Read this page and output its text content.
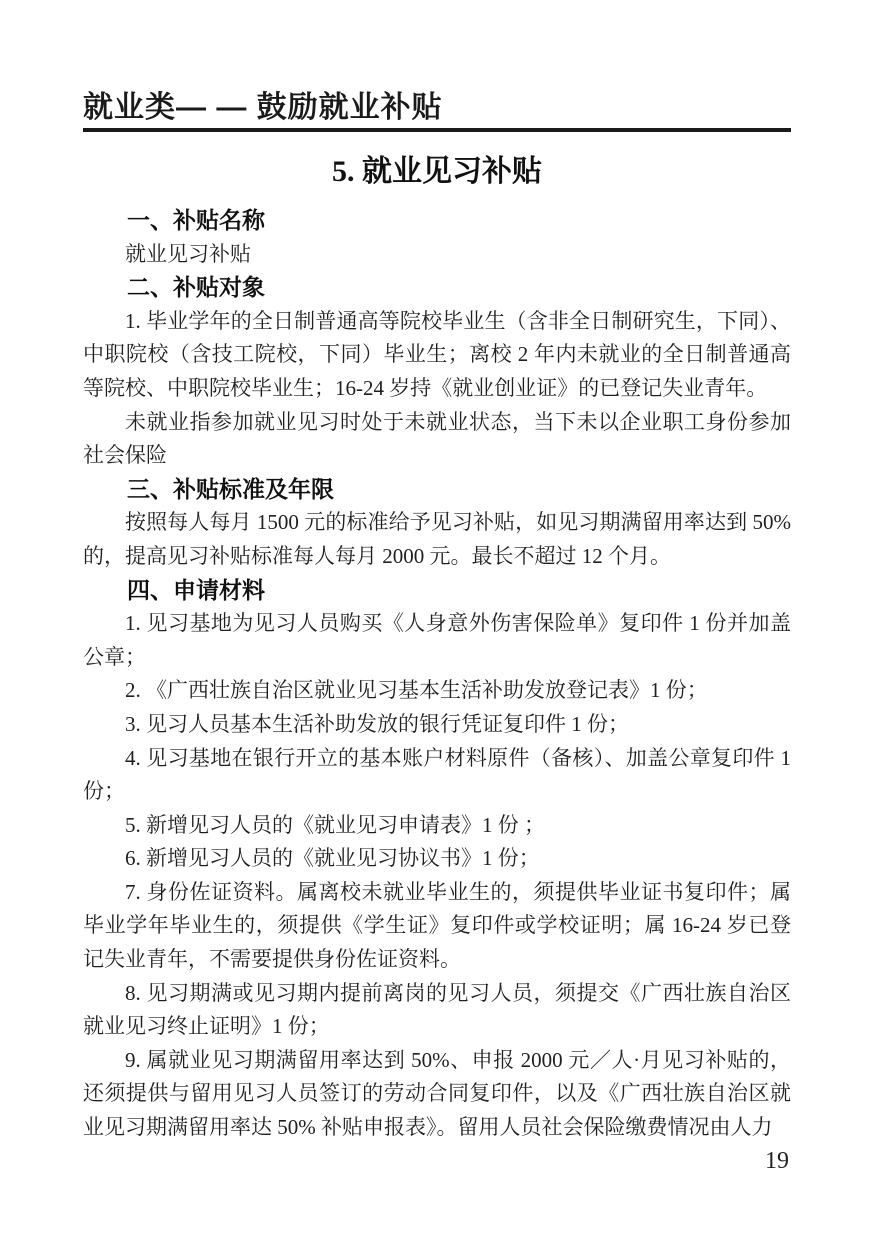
就业类— — 鼓励就业补贴
5. 就业见习补贴
一、补贴名称

就业见习补贴

二、补贴对象

1. 毕业学年的全日制普通高等院校毕业生（含非全日制研究生，下同）、中职院校（含技工院校，下同）毕业生；离校 2 年内未就业的全日制普通高等院校、中职院校毕业生；16-24 岁持《就业创业证》的已登记失业青年。

未就业指参加就业见习时处于未就业状态，当下未以企业职工身份参加社会保险

三、补贴标准及年限

按照每人每月 1500 元的标准给予见习补贴，如见习期满留用率达到 50%的，提高见习补贴标准每人每月 2000 元。最长不超过 12 个月。

四、申请材料

1. 见习基地为见习人员购买《人身意外伤害保险单》复印件 1 份并加盖公章；

2. 《广西壮族自治区就业见习基本生活补助发放登记表》1 份；

3. 见习人员基本生活补助发放的银行凭证复印件 1 份；

4. 见习基地在银行开立的基本账户材料原件（备核）、加盖公章复印件 1 份；

5. 新增见习人员的《就业见习申请表》1 份 ；

6. 新增见习人员的《就业见习协议书》1 份；

7. 身份佐证资料。属离校未就业毕业生的，须提供毕业证书复印件；属毕业学年毕业生的，须提供《学生证》复印件或学校证明；属 16-24 岁已登记失业青年，不需要提供身份佐证资料。

8. 见习期满或见习期内提前离岗的见习人员，须提交《广西壮族自治区就业见习终止证明》1 份；

9. 属就业见习期满留用率达到 50%、申报 2000 元／人·月见习补贴的，还须提供与留用见习人员签订的劳动合同复印件，以及《广西壮族自治区就业见习期满留用率达 50% 补贴申报表》。留用人员社会保险缴费情况由人力

19
